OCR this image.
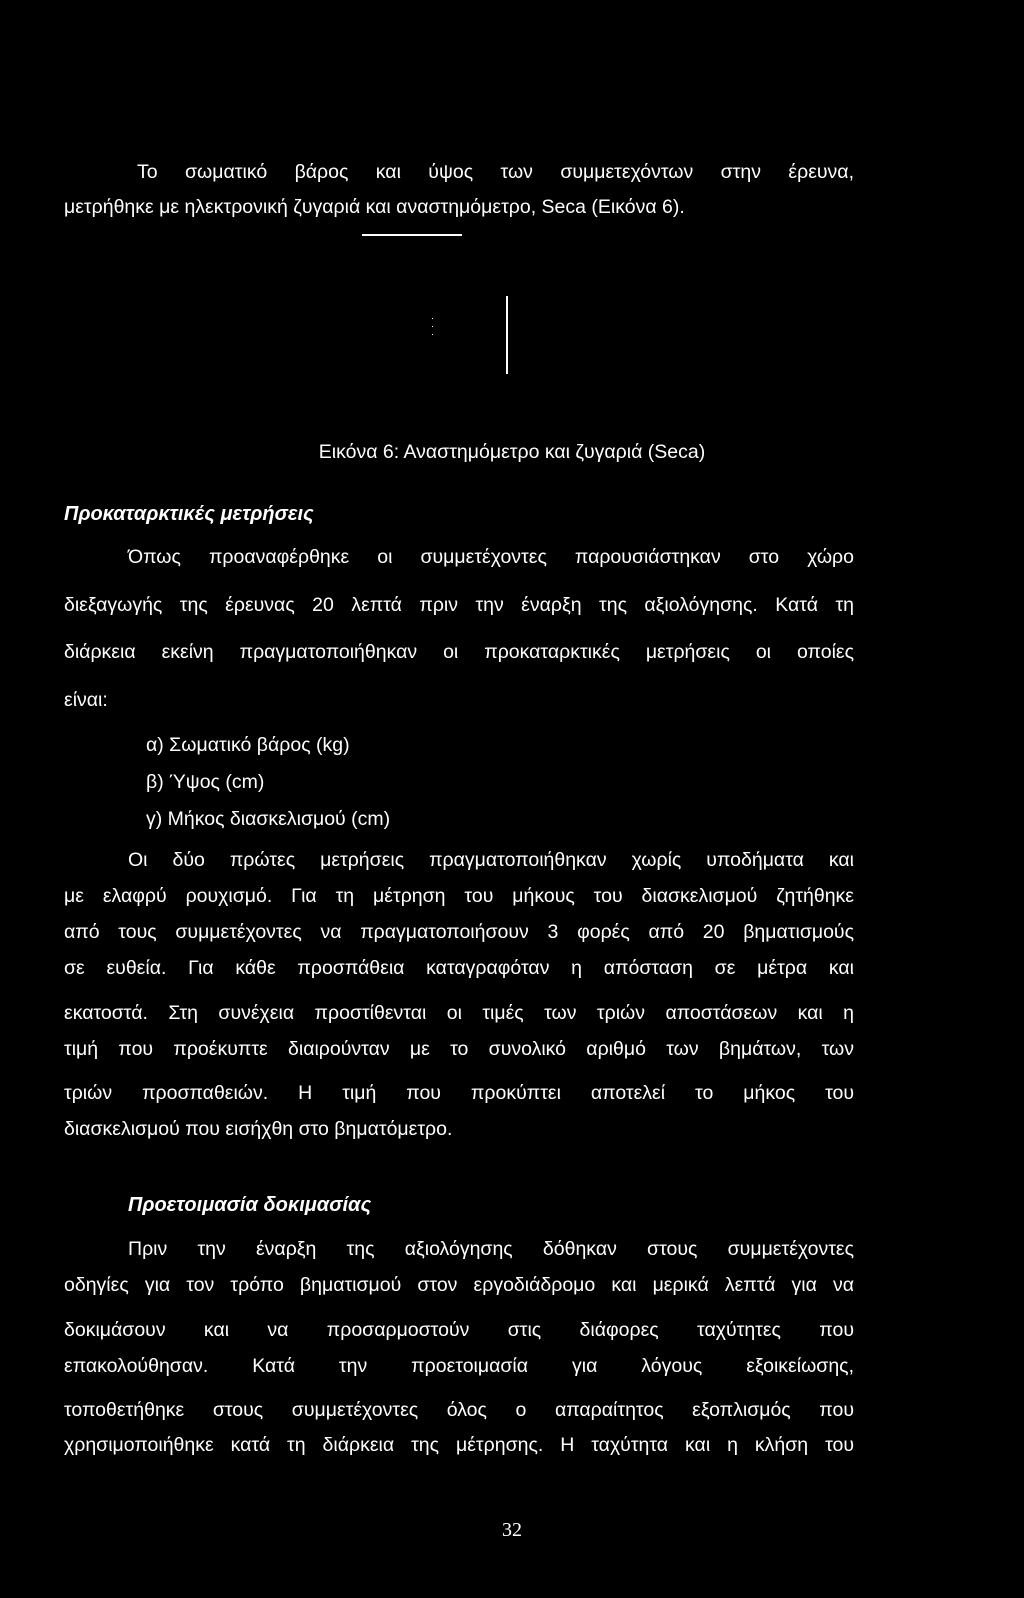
Το σωματικό βάρος και ύψος των συμμετεχόντων στην έρευνα,

μετρήθηκε με ηλεκτρονική ζυγαριά και αναστημόμετρο, Seca (Εικόνα 6).

Εικόνα 6: Αναστημόμετρο και ζυγαριά (Seca)

Προκαταρκτικές μετρήσεις

Όπως προαναφέρθηκε οι συμμετέχοντες παρουσιάστηκαν στο χώρο

διεξαγωγής της έρευνας 20 λεπτά πριν την έναρξη της αξιολόγησης. Κατά τη

διάρκεια εκείνη πραγματοποιήθηκαν οι προκαταρκτικές μετρήσεις οι οποίες

είναι:

α) Σωματικό βάρος (kg)

β) Ύψος (cm)

γ) Μήκος διασκελισμού (cm)

Οι δύο πρώτες μετρήσεις πραγματοποιήθηκαν χωρίς υποδήματα και

με ελαφρύ ρουχισμό. Για τη μέτρηση του μήκους του διασκελισμού ζητήθηκε

από τους συμμετέχοντες να πραγματοποιήσουν 3 φορές από 20 βηματισμούς

σε ευθεία. Για κάθε προσπάθεια καταγραφόταν η απόσταση σε μέτρα και

εκατοστά. Στη συνέχεια προστίθενται οι τιμές των τριών αποστάσεων και η

τιμή που προέκυπτε διαιρούνταν με το συνολικό αριθμό των βημάτων, των

τριών προσπαθειών. Η τιμή που προκύπτει αποτελεί το μήκος του

διασκελισμού που εισήχθη στο βηματόμετρο.

Προετοιμασία δοκιμασίας

Πριν την έναρξη της αξιολόγησης δόθηκαν στους συμμετέχοντες

οδηγίες για τον τρόπο βηματισμού στον εργοδιάδρομο και μερικά λεπτά για να

δοκιμάσουν και να προσαρμοστούν στις διάφορες ταχύτητες που

επακολούθησαν. Κατά την προετοιμασία για λόγους εξοικείωσης,

τοποθετήθηκε στους συμμετέχοντες όλος ο απαραίτητος εξοπλισμός που

χρησιμοποιήθηκε κατά τη διάρκεια της μέτρησης. Η ταχύτητα και η κλήση του

32
